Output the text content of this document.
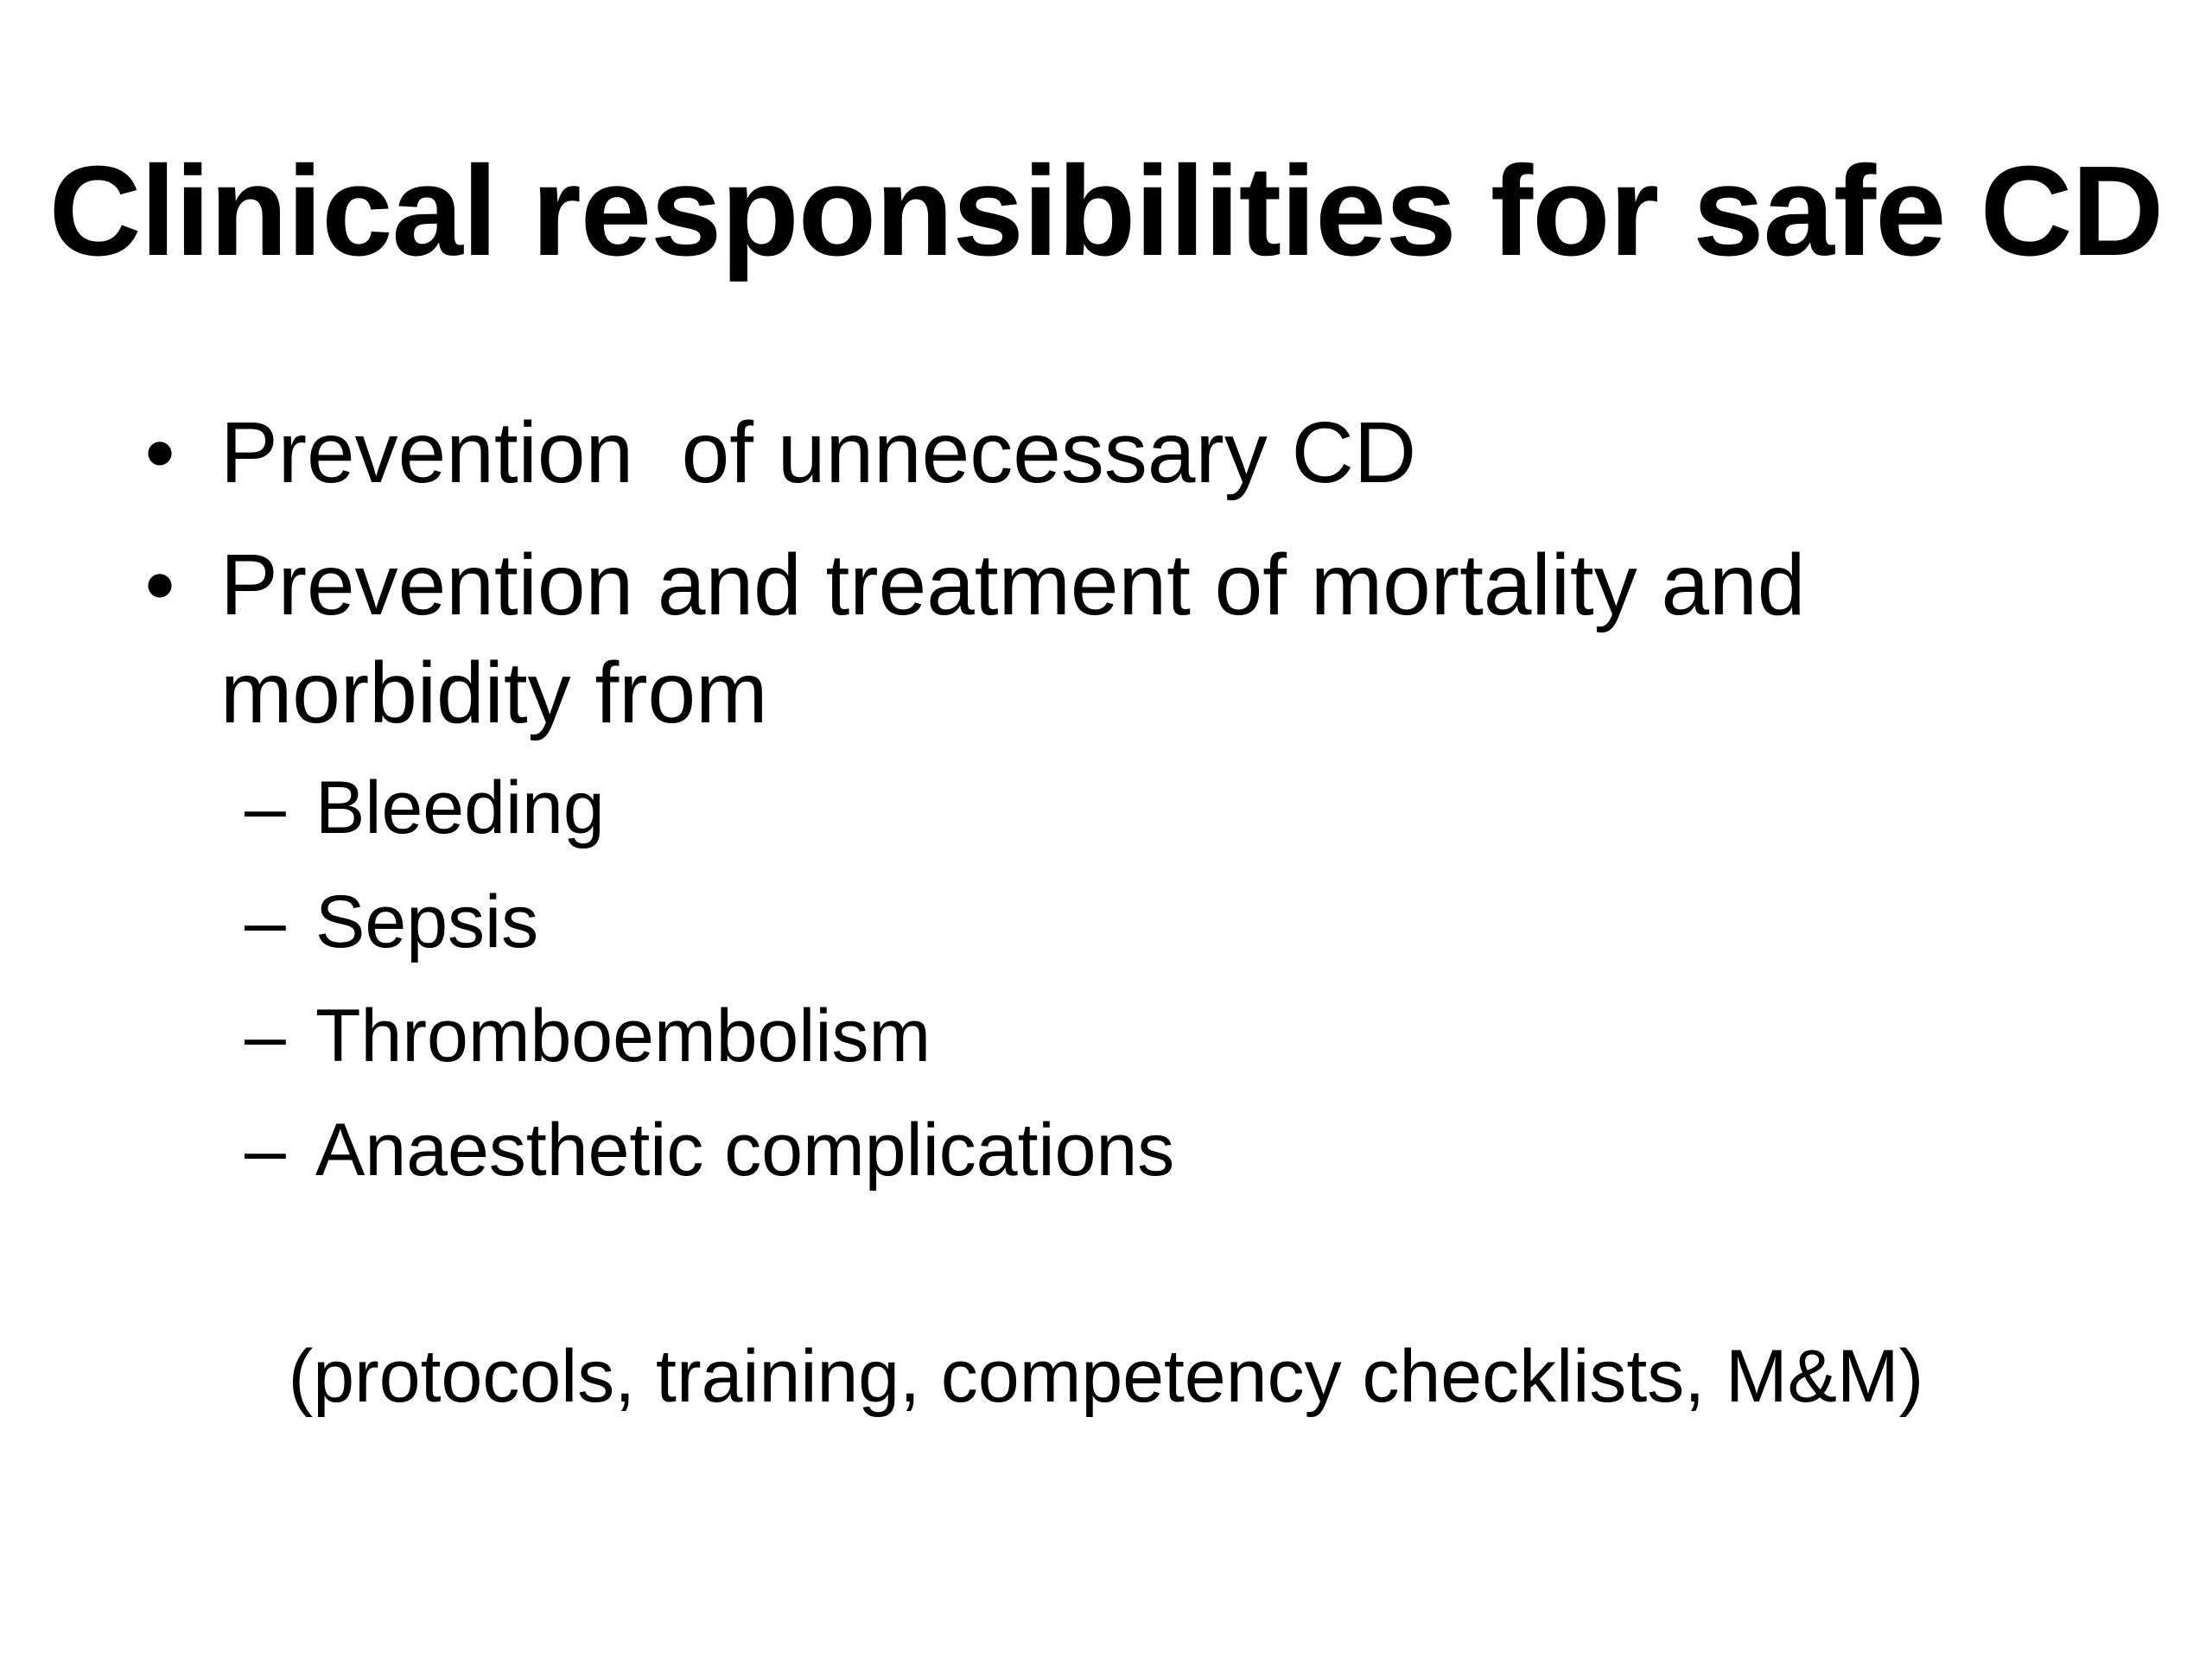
Clinical responsibilities for safe CD
• Prevention  of unnecessary CD
• Prevention and treatment of mortality and morbidity from
– Bleeding
– Sepsis
– Thromboembolism
– Anaesthetic complications
(protocols, training, competency checklists, M&M)
